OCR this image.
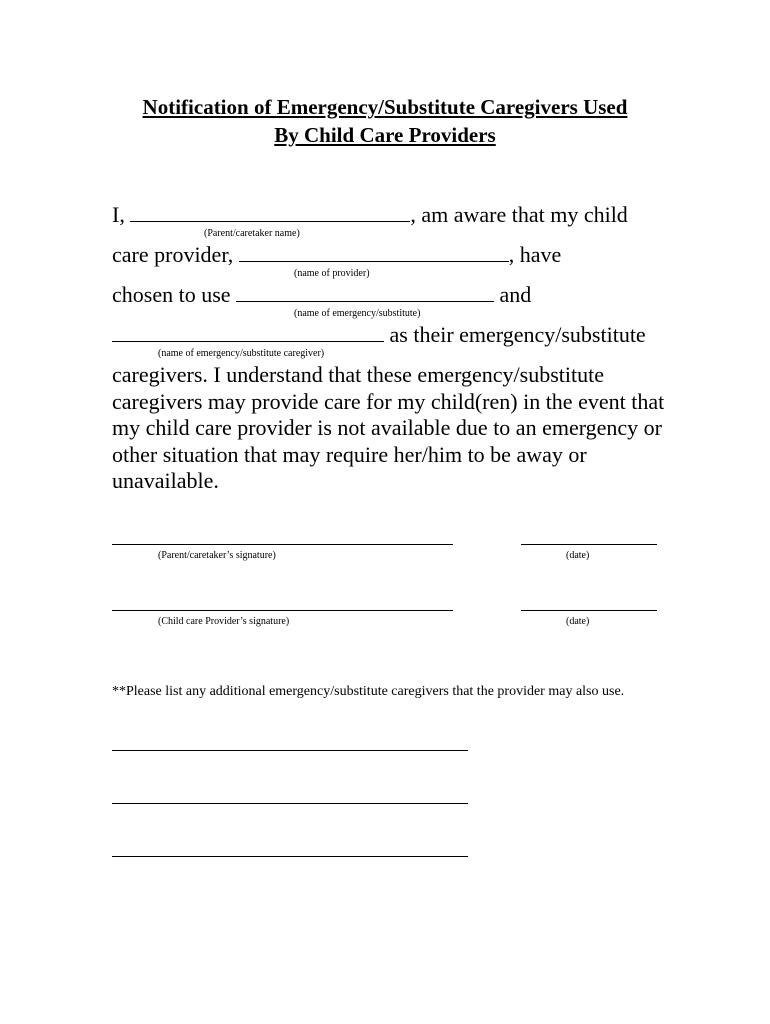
Notification of Emergency/Substitute Caregivers Used
By Child Care Providers
I,	, am aware that my child
(Parent/caretaker name)
care provider,	, have
(name of provider)
chosen to use	and
(name of emergency/substitute)
as their emergency/substitute
(name of emergency/substitute caregiver)
caregivers. I understand that these emergency/substitute caregivers may provide care for my child(ren) in the event that my child care provider is not available due to an emergency or other situation that may require her/him to be away or unavailable.
(Parent/caretaker’s signature)	(date)
(Child care Provider’s signature)	(date)
**Please list any additional emergency/substitute caregivers that the provider may also use.
